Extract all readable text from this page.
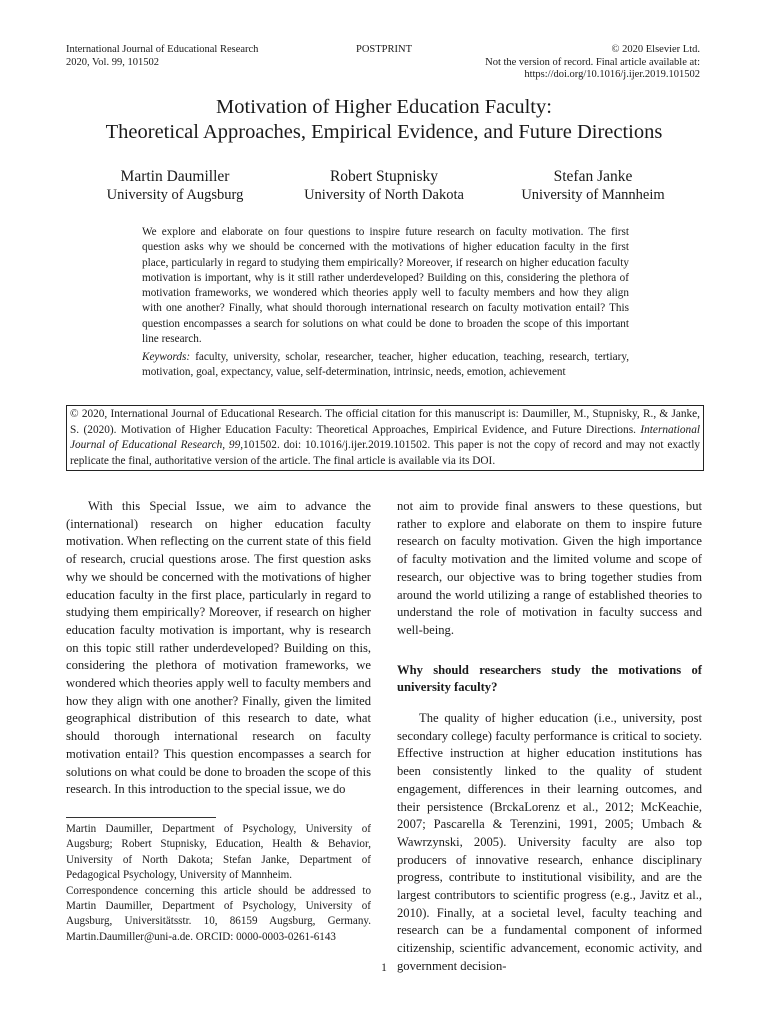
International Journal of Educational Research
2020, Vol. 99, 101502
POSTPRINT	© 2020 Elsevier Ltd.
Not the version of record. Final article available at:
https://doi.org/10.1016/j.ijer.2019.101502
Motivation of Higher Education Faculty:
Theoretical Approaches, Empirical Evidence, and Future Directions
Martin Daumiller
University of Augsburg
Robert Stupnisky
University of North Dakota
Stefan Janke
University of Mannheim

We explore and elaborate on four questions to inspire future research on faculty motivation. The first question asks why we should be concerned with the motivations of higher education faculty in the first place, particularly in regard to studying them empirically? Moreover, if research on higher education faculty motivation is important, why is it still rather underdeveloped? Building on this, considering the plethora of motivation frameworks, we wondered which theories apply well to faculty members and how they align with one another? Finally, what should thorough international research on faculty motivation entail? This question encompasses a search for solutions on what could be done to broaden the scope of this important line research.

Keywords: faculty, university, scholar, researcher, teacher, higher education, teaching, research, tertiary, motivation, goal, expectancy, value, self-determination, intrinsic, needs, emotion, achievement
© 2020, International Journal of Educational Research. The official citation for this manuscript is: Daumiller, M., Stupnisky, R., & Janke, S. (2020). Motivation of Higher Education Faculty: Theoretical Approaches, Empirical Evidence, and Future Directions. International Journal of Educational Research, 99,101502. doi: 10.1016/j.ijer.2019.101502. This paper is not the copy of record and may not exactly replicate the final, authoritative version of the article. The final article is available via its DOI.

With this Special Issue, we aim to advance the (international) research on higher education faculty motivation. When reflecting on the current state of this field of research, crucial questions arose. The first question asks why we should be concerned with the motivations of higher education faculty in the first place, particularly in regard to studying them empirically? Moreover, if research on higher education faculty motivation is important, why is research on this topic still rather underdeveloped? Building on this, considering the plethora of motivation frameworks, we wondered which theories apply well to faculty members and how they align with one another? Finally, given the limited geographical distribution of this research to date, what should thorough international research on faculty motivation entail? This question encompasses a search for solutions on what could be done to broaden the scope of this research. In this introduction to the special issue, we do

not aim to provide final answers to these questions, but rather to explore and elaborate on them to inspire future research on faculty motivation. Given the high importance of faculty motivation and the limited volume and scope of research, our objective was to bring together studies from around the world utilizing a range of established theories to understand the role of motivation in faculty success and well-being.

Why should researchers study the motivations of university faculty?

The quality of higher education (i.e., university, post secondary college) faculty performance is critical to society. Effective instruction at higher education institutions has been consistently linked to the quality of student engagement, differences in their learning outcomes, and their persistence (BrckaLorenz et al., 2012; McKeachie, 2007; Pascarella & Terenzini, 1991, 2005; Umbach & Wawrzynski, 2005). University faculty are also top producers of innovative research, enhance disciplinary progress, contribute to institutional visibility, and are the largest contributors to scientific progress (e.g., Javitz et al., 2010). Finally, at a societal level, faculty teaching and research can be a fundamental component of informed citizenship, scientific advancement, economic activity, and government decision-

Martin Daumiller, Department of Psychology, University of Augsburg; Robert Stupnisky, Education, Health & Behavior, University of North Dakota; Stefan Janke, Department of Pedagogical Psychology, University of Mannheim.

Correspondence concerning this article should be addressed to Martin Daumiller, Department of Psychology, University of Augsburg, Universitätsstr. 10, 86159 Augsburg, Germany. Martin.Daumiller@uni-a.de. ORCID: 0000-0003-0261-6143

1
